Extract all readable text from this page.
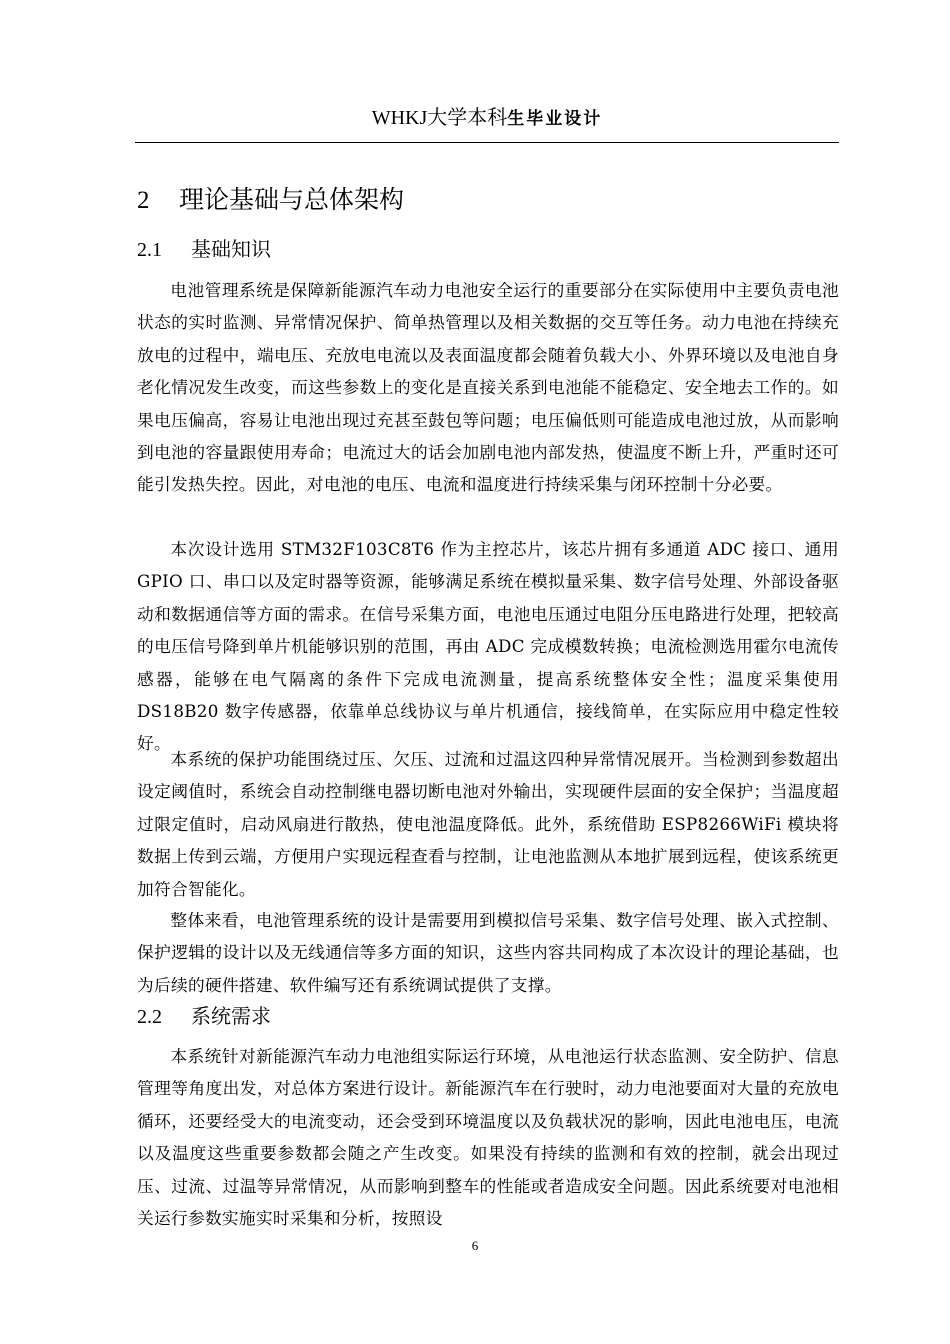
WHKJ大学本科生毕业设计
2 理论基础与总体架构
2.1 基础知识

电池管理系统是保障新能源汽车动力电池安全运行的重要部分在实际使用中主要负责电池状态的实时监测、异常情况保护、简单热管理以及相关数据的交互等任务。动力电池在持续充放电的过程中，端电压、充放电电流以及表面温度都会随着负载大小、外界环境以及电池自身老化情况发生改变，而这些参数上的变化是直接关系到电池能不能稳定、安全地去工作的。如果电压偏高，容易让电池出现过充甚至鼓包等问题；电压偏低则可能造成电池过放，从而影响到电池的容量跟使用寿命；电流过大的话会加剧电池内部发热，使温度不断上升，严重时还可能引发热失控。因此，对电池的电压、电流和温度进行持续采集与闭环控制十分必要。

本次设计选用 STM32F103C8T6 作为主控芯片，该芯片拥有多通道 ADC 接口、通用 GPIO 口、串口以及定时器等资源，能够满足系统在模拟量采集、数字信号处理、外部设备驱动和数据通信等方面的需求。在信号采集方面，电池电压通过电阻分压电路进行处理，把较高的电压信号降到单片机能够识别的范围，再由 ADC 完成模数转换；电流检测选用霍尔电流传感器，能够在电气隔离的条件下完成电流测量，提高系统整体安全性；温度采集使用 DS18B20 数字传感器，依靠单总线协议与单片机通信，接线简单，在实际应用中稳定性较好。

本系统的保护功能围绕过压、欠压、过流和过温这四种异常情况展开。当检测到参数超出设定阈值时，系统会自动控制继电器切断电池对外输出，实现硬件层面的安全保护；当温度超过限定值时，启动风扇进行散热，使电池温度降低。此外，系统借助 ESP8266WiFi 模块将数据上传到云端，方便用户实现远程查看与控制，让电池监测从本地扩展到远程，使该系统更加符合智能化。

整体来看，电池管理系统的设计是需要用到模拟信号采集、数字信号处理、嵌入式控制、保护逻辑的设计以及无线通信等多方面的知识，这些内容共同构成了本次设计的理论基础，也为后续的硬件搭建、软件编写还有系统调试提供了支撑。

2.2 系统需求

本系统针对新能源汽车动力电池组实际运行环境，从电池运行状态监测、安全防护、信息管理等角度出发，对总体方案进行设计。新能源汽车在行驶时，动力电池要面对大量的充放电循环，还要经受大的电流变动，还会受到环境温度以及负载状况的影响，因此电池电压，电流以及温度这些重要参数都会随之产生改变。如果没有持续的监测和有效的控制，就会出现过压、过流、过温等异常情况，从而影响到整车的性能或者造成安全问题。因此系统要对电池相关运行参数实施实时采集和分析，按照设

6
